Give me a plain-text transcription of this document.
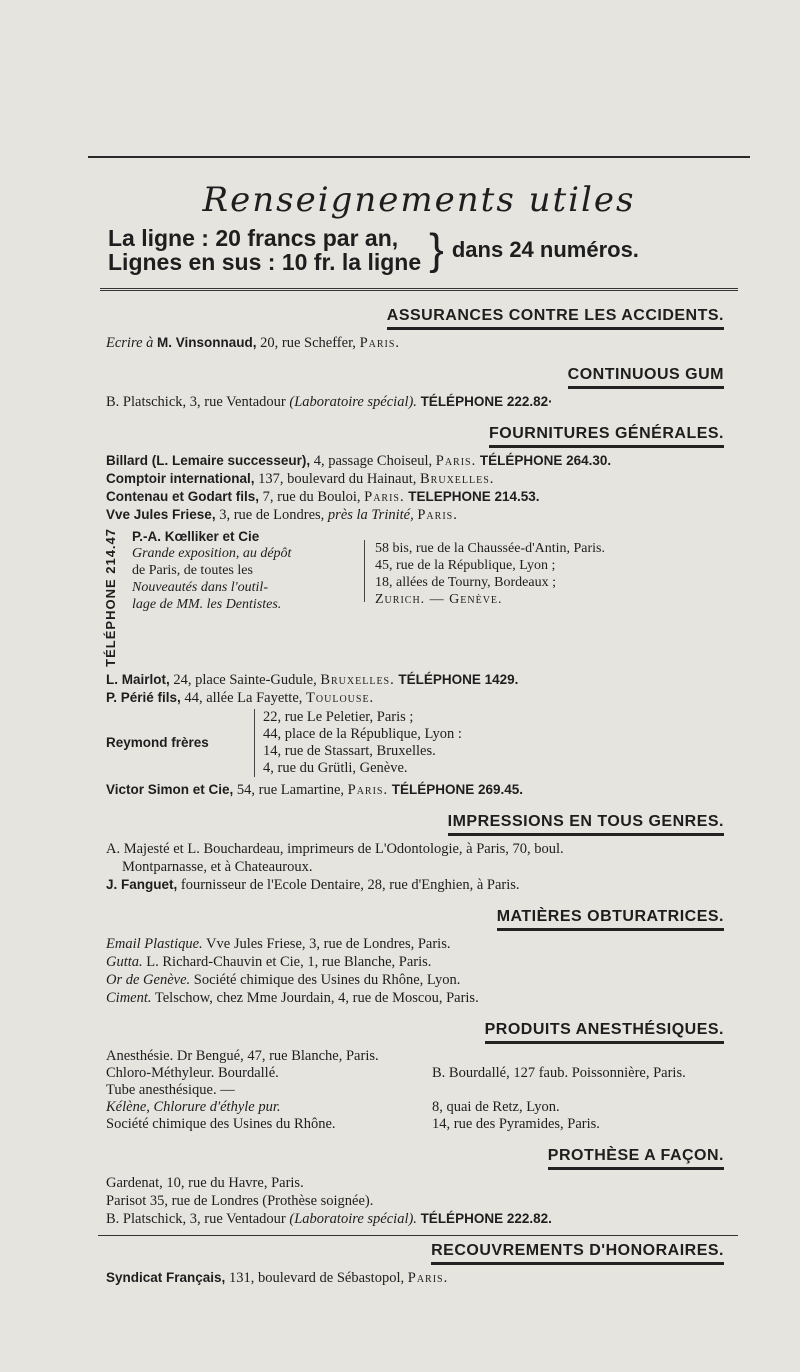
Renseignements utiles
La ligne : 20 francs par an,
Lignes en sus : 10 fr. la ligne } dans 24 numéros.
ASSURANCES CONTRE LES ACCIDENTS.
Ecrire à M. Vinsonnaud, 20, rue Scheffer, Paris.
CONTINUOUS GUM
B. Platschick, 3, rue Ventadour (Laboratoire spécial). TÉLÉPHONE 222.82·
FOURNITURES GÉNÉRALES.
Billard (L. Lemaire successeur), 4, passage Choiseul, Paris. TÉLÉPHONE 264.30.
Comptoir international, 137, boulevard du Hainaut, Bruxelles.
Contenau et Godart fils, 7, rue du Bouloi, Paris. TELEPHONE 214.53.
Vve Jules Friese, 3, rue de Londres, près la Trinité, Paris.
TÉLÉPHONE 214.47	P.-A. Kœlliker et Cie
Grande exposition, au dépôt
de Paris, de toutes les
Nouveautés dans l'outil-
lage de MM. les Dentistes.
58 bis, rue de la Chaussée-d'Antin, Paris.
45, rue de la République, Lyon ;
18, allées de Tourny, Bordeaux ;
Zurich. — Genève.
L. Mairlot, 24, place Sainte-Gudule, Bruxelles. TÉLÉPHONE 1429.
P. Périé fils, 44, allée La Fayette, Toulouse.
Reymond frères
22, rue Le Peletier, Paris ;
44, place de la République, Lyon :
14, rue de Stassart, Bruxelles.
4, rue du Grütli, Genève.
Victor Simon et Cie, 54, rue Lamartine, Paris. TÉLÉPHONE 269.45.
IMPRESSIONS EN TOUS GENRES.
A. Majesté et L. Bouchardeau, imprimeurs de L'Odontologie, à Paris, 70, boul.
Montparnasse, et à Chateauroux.
J. Fanguet, fournisseur de l'Ecole Dentaire, 28, rue d'Enghien, à Paris.
MATIÈRES OBTURATRICES.
Email Plastique. Vve Jules Friese, 3, rue de Londres, Paris.
Gutta. L. Richard-Chauvin et Cie, 1, rue Blanche, Paris.
Or de Genève. Société chimique des Usines du Rhône, Lyon.
Ciment. Telschow, chez Mme Jourdain, 4, rue de Moscou, Paris.
PRODUITS ANESTHÉSIQUES.
Anesthésie. Dr Bengué, 47, rue Blanche, Paris.
Chloro-Méthyleur. Bourdallé.
Tube anesthésique. —
Kélène, Chlorure d'éthyle pur.
Société chimique des Usines du Rhône.
B. Bourdallé, 127 faub. Poissonnière, Paris.
8, quai de Retz, Lyon.
14, rue des Pyramides, Paris.
PROTHÈSE A FAÇON.
Gardenat, 10, rue du Havre, Paris.
Parisot 35, rue de Londres (Prothèse soignée).
B. Platschick, 3, rue Ventadour (Laboratoire spécial). TÉLÉPHONE 222.82.
RECOUVREMENTS D'HONORAIRES.
Syndicat Français, 131, boulevard de Sébastopol, Paris.
